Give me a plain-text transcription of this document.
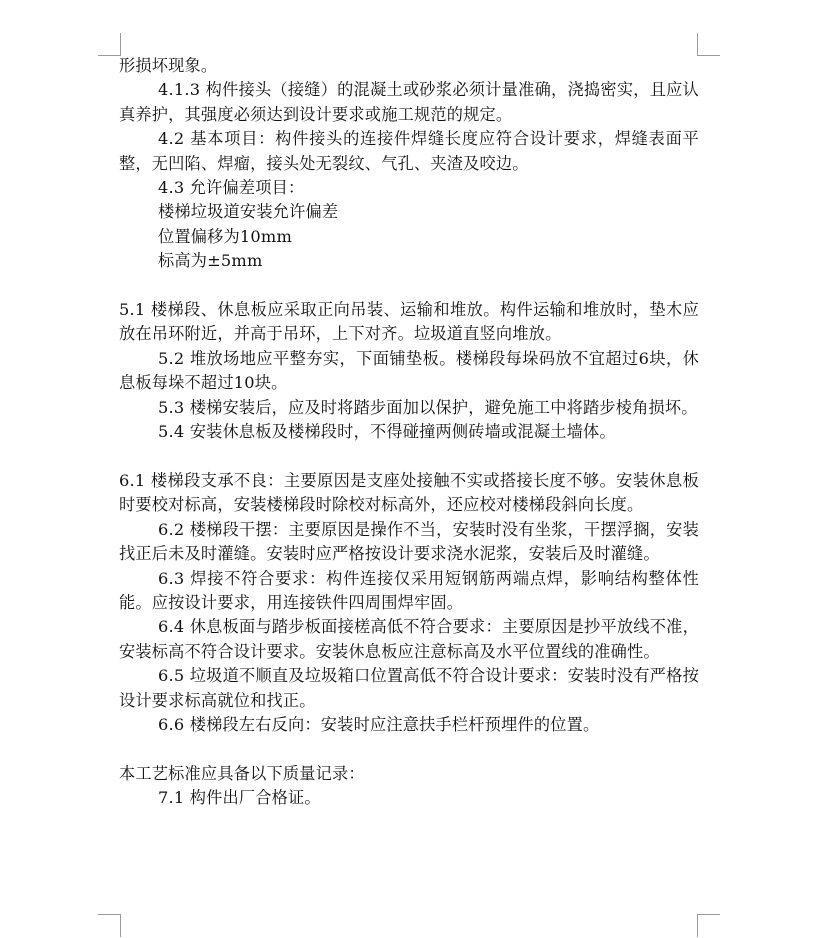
形损坏现象。

4.1.3 构件接头（接缝）的混凝土或砂浆必须计量准确，浇捣密实，且应认真养护，其强度必须达到设计要求或施工规范的规定。

4.2 基本项目：构件接头的连接件焊缝长度应符合设计要求，焊缝表面平整，无凹陷、焊瘤，接头处无裂纹、气孔、夹渣及咬边。

4.3 允许偏差项目：

楼梯垃圾道安装允许偏差

位置偏移为10mm

标高为±5mm

5.1 楼梯段、休息板应采取正向吊装、运输和堆放。构件运输和堆放时，垫木应放在吊环附近，并高于吊环，上下对齐。垃圾道直竖向堆放。

5.2 堆放场地应平整夯实，下面铺垫板。楼梯段每垛码放不宜超过6块，休息板每垛不超过10块。

5.3 楼梯安装后，应及时将踏步面加以保护，避免施工中将踏步棱角损坏。

5.4 安装休息板及楼梯段时，不得碰撞两侧砖墙或混凝土墙体。

6.1 楼梯段支承不良：主要原因是支座处接触不实或搭接长度不够。安装休息板时要校对标高，安装楼梯段时除校对标高外，还应校对楼梯段斜向长度。

6.2 楼梯段干摆：主要原因是操作不当，安装时没有坐浆，干摆浮搁，安装找正后未及时灌缝。安装时应严格按设计要求浇水泥浆，安装后及时灌缝。

6.3 焊接不符合要求：构件连接仅采用短钢筋两端点焊，影响结构整体性能。应按设计要求，用连接铁件四周围焊牢固。

6.4 休息板面与踏步板面接槎高低不符合要求：主要原因是抄平放线不准，安装标高不符合设计要求。安装休息板应注意标高及水平位置线的准确性。

6.5 垃圾道不顺直及垃圾箱口位置高低不符合设计要求：安装时没有严格按设计要求标高就位和找正。

6.6 楼梯段左右反向：安装时应注意扶手栏杆预埋件的位置。

本工艺标准应具备以下质量记录：

7.1 构件出厂合格证。
